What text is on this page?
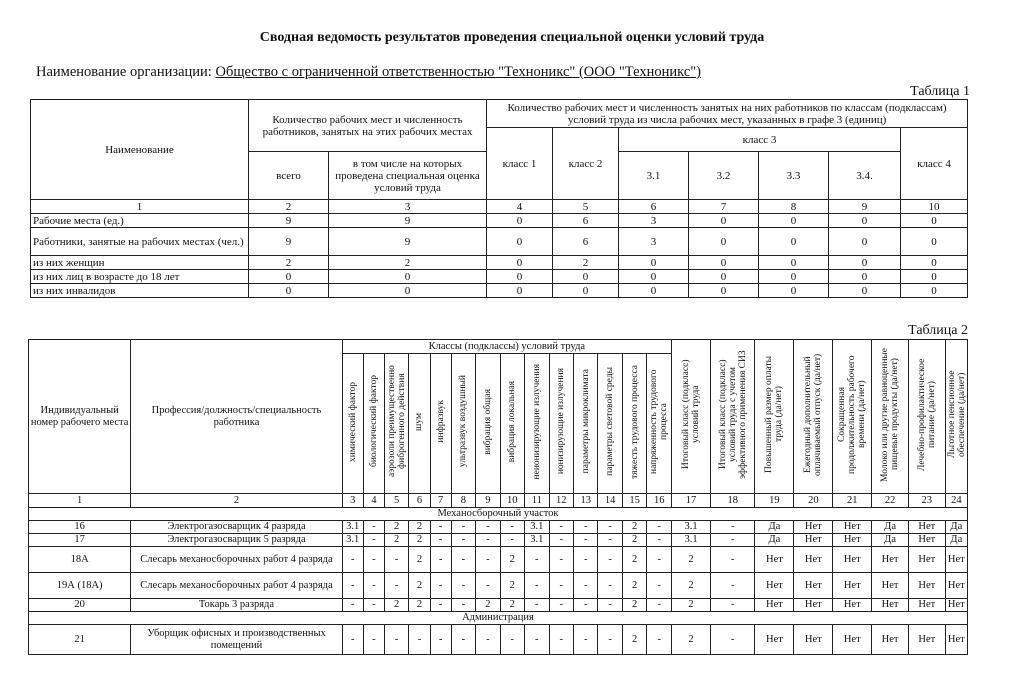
Сводная ведомость результатов проведения специальной оценки условий труда
Наименование организации: Общество с ограниченной ответственностью "Техноникс" (ООО "Техноникс")
Таблица 1
Наименование	Количество рабочих мест и численность работников, занятых на этих рабочих местах		Количество рабочих мест и численность занятых на них работников по классам (подклассам) условий труда из числа рабочих мест, указанных в графе 3 (единиц)						
			класс 1	класс 2	класс 3				класс 4
	всего	в том числе на которых проведена специальная оценка условий труда			3.1	3.2	3.3	3.4.	
1	2	3	4	5	6	7	8	9	10
Рабочие места (ед.)	9	9	0	6	3	0	0	0	0
Работники, занятые на рабочих местах (чел.)	9	9	0	6	3	0	0	0	0
из них женщин	2	2	0	2	0	0	0	0	0
из них лиц в возрасте до 18 лет	0	0	0	0	0	0	0	0	0
из них инвалидов	0	0	0	0	0	0	0	0	0
Таблица 2
Индивидуальный номер рабочего места	Профессия/должность/специальность работника	Классы (подклассы) условий труда														Итоговый класс (подкласс) условий труда	Итоговый класс (подкласс) условий труда с учетом эффективного применения СИЗ	Повышенный размер оплаты труда (да/нет)	Ежегодный дополнительный оплачиваемый отпуск (да/нет)	Сокращенная продолжительность рабочего времени (да/нет)	Молоко или другие равноценные пищевые продукты (да/нет)	Лечебно-профилактическое питание (да/нет)	Льготное пенсионное обеспечение (да/нет)
		химический фактор	биологический фактор	аэрозоли преимущественно фиброгенного действия	шум	инфразвук	ультразвук воздушный	вибрация общая	вибрация локальная	неионизирующие излучения	ионизирующие излучения	параметры микроклимата	параметры световой среды	тяжесть трудового процесса	напряженность трудового процесса								
1	2	3	4	5	6	7	8	9	10	11	12	13	14	15	16	17	18	19	20	21	22	23	24
Механосборочный участок																							
16	Электрогазосварщик 4 разряда	3.1	-	2	2	-	-	-	-	3.1	-	-	-	2	-	3.1	-	Да	Нет	Нет	Да	Нет	Да
17	Электрогазосварщик 5 разряда	3.1	-	2	2	-	-	-	-	3.1	-	-	-	2	-	3.1	-	Да	Нет	Нет	Да	Нет	Да
18А	Слесарь механосборочных работ 4 разряда	-	-	-	2	-	-	-	2	-	-	-	-	2	-	2	-	Нет	Нет	Нет	Нет	Нет	Нет
19А (18А)	Слесарь механосборочных работ 4 разряда	-	-	-	2	-	-	-	2	-	-	-	-	2	-	2	-	Нет	Нет	Нет	Нет	Нет	Нет
20	Токарь 3 разряда	-	-	2	2	-	-	2	2	-	-	-	-	2	-	2	-	Нет	Нет	Нет	Нет	Нет	Нет
Администрация																							
21	Уборщик офисных и производственных помещений	-	-	-	-	-	-	-	-	-	-	-	-	2	-	2	-	Нет	Нет	Нет	Нет	Нет	Нет
